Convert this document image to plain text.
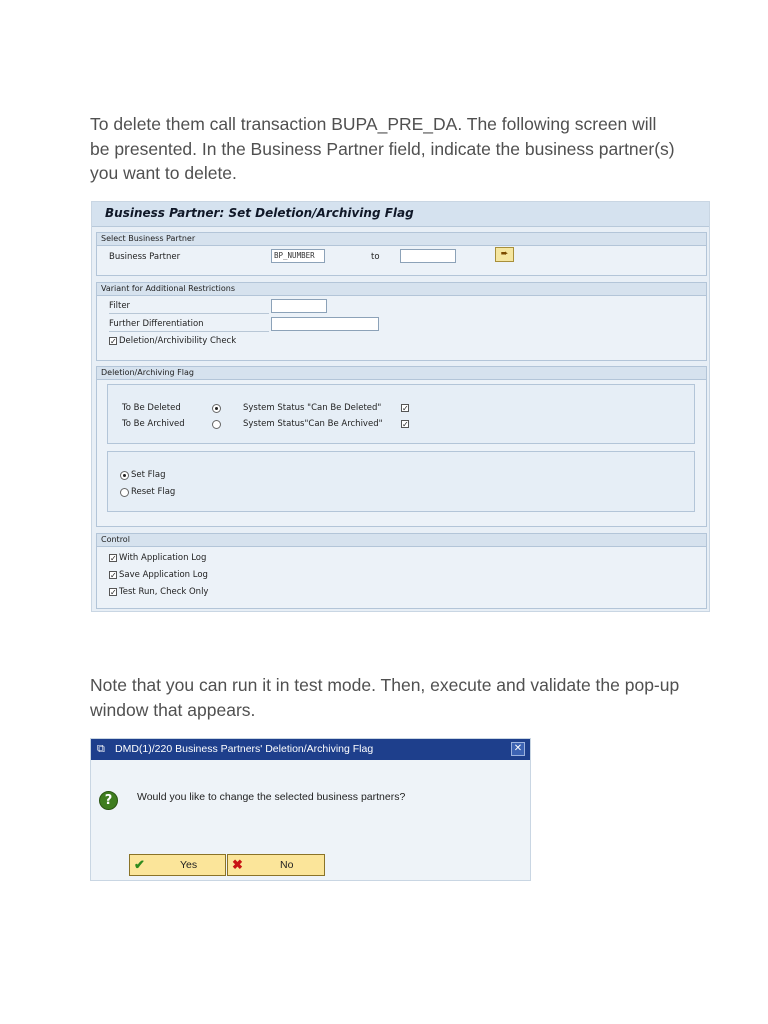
To delete them call transaction BUPA_PRE_DA. The following screen will be presented. In the Business Partner field, indicate the business partner(s) you want to delete.

Business Partner: Set Deletion/Archiving Flag
Select Business Partner
Business Partner	BP_NUMBER	to	➨
Variant for Additional Restrictions
Filter
Further Differentiation
✓ Deletion/Archivibility Check
Deletion/Archiving Flag
To Be Deleted	System Status "Can Be Deleted"	✓
To Be Archived	System Status"Can Be Archived" ✓
Set Flag
Reset Flag
Control
✓ With Application Log
✓ Save Application Log
✓ Test Run, Check Only

Note that you can run it in test mode. Then, execute and validate the pop-up window that appears.

⧉ DMD(1)/220 Business Partners' Deletion/Archiving Flag	✕
?	Would you like to change the selected business partners?
✔	Yes	✖	No
